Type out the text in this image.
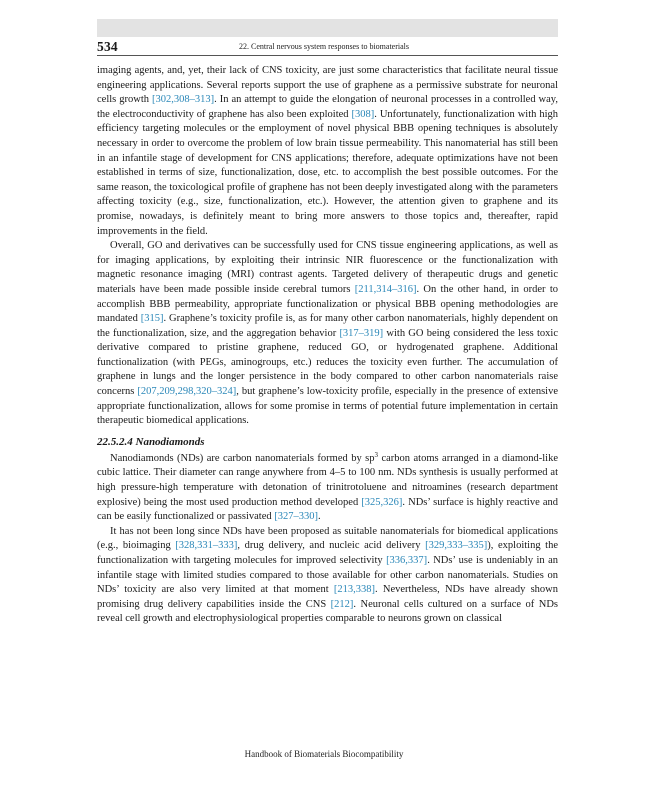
534	22. Central nervous system responses to biomaterials

imaging agents, and, yet, their lack of CNS toxicity, are just some characteristics that facilitate neural tissue engineering applications. Several reports support the use of graphene as a permissive substrate for neuronal cells growth [302,308–313]. In an attempt to guide the elongation of neuronal processes in a controlled way, the electroconductivity of graphene has also been exploited [308]. Unfortunately, functionalization with high efficiency targeting molecules or the employment of novel physical BBB opening techniques is absolutely necessary in order to overcome the problem of low brain tissue permeability. This nanomaterial has still been in an infantile stage of development for CNS applications; therefore, adequate optimizations have not been established in terms of size, functionalization, dose, etc. to accomplish the best possible outcomes. For the same reason, the toxicological profile of graphene has not been deeply investigated along with the parameters affecting toxicity (e.g., size, functionalization, etc.). However, the attention given to graphene and its promise, nowadays, is definitely meant to bring more answers to those topics and, thereafter, rapid improvements in the field.

Overall, GO and derivatives can be successfully used for CNS tissue engineering applications, as well as for imaging applications, by exploiting their intrinsic NIR fluorescence or the functionalization with magnetic resonance imaging (MRI) contrast agents. Targeted delivery of therapeutic drugs and genetic materials have been made possible inside cerebral tumors [211,314–316]. On the other hand, in order to accomplish BBB permeability, appropriate functionalization or physical BBB opening methodologies are mandated [315]. Graphene’s toxicity profile is, as for many other carbon nanomaterials, highly dependent on the functionalization, size, and the aggregation behavior [317–319] with GO being considered the less toxic derivative compared to pristine graphene, reduced GO, or hydrogenated graphene. Additional functionalization (with PEGs, aminogroups, etc.) reduces the toxicity even further. The accumulation of graphene in lungs and the longer persistence in the body compared to other carbon nanomaterials raise concerns [207,209,298,320–324], but graphene’s low-toxicity profile, especially in the presence of extensive appropriate functionalization, allows for some promise in terms of potential future implementation in certain therapeutic biomedical applications.

22.5.2.4 Nanodiamonds

Nanodiamonds (NDs) are carbon nanomaterials formed by $sp^3$ carbon atoms arranged in a diamond-like cubic lattice. Their diameter can range anywhere from 4–5 to 100 nm. NDs synthesis is usually performed at high pressure-high temperature with detonation of trinitrotoluene and nitroamines (research department explosive) being the most used production method developed [325,326]. NDs’ surface is highly reactive and can be easily functionalized or passivated [327–330].

It has not been long since NDs have been proposed as suitable nanomaterials for biomedical applications (e.g., bioimaging [328,331–333], drug delivery, and nucleic acid delivery [329,333–335]), exploiting the functionalization with targeting molecules for improved selectivity [336,337]. NDs’ use is undeniably in an infantile stage with limited studies compared to those available for other carbon nanomaterials. Studies on NDs’ toxicity are also very limited at that moment [213,338]. Nevertheless, NDs have already shown promising drug delivery capabilities inside the CNS [212]. Neuronal cells cultured on a surface of NDs reveal cell growth and electrophysiological properties comparable to neurons grown on classical

Handbook of Biomaterials Biocompatibility
